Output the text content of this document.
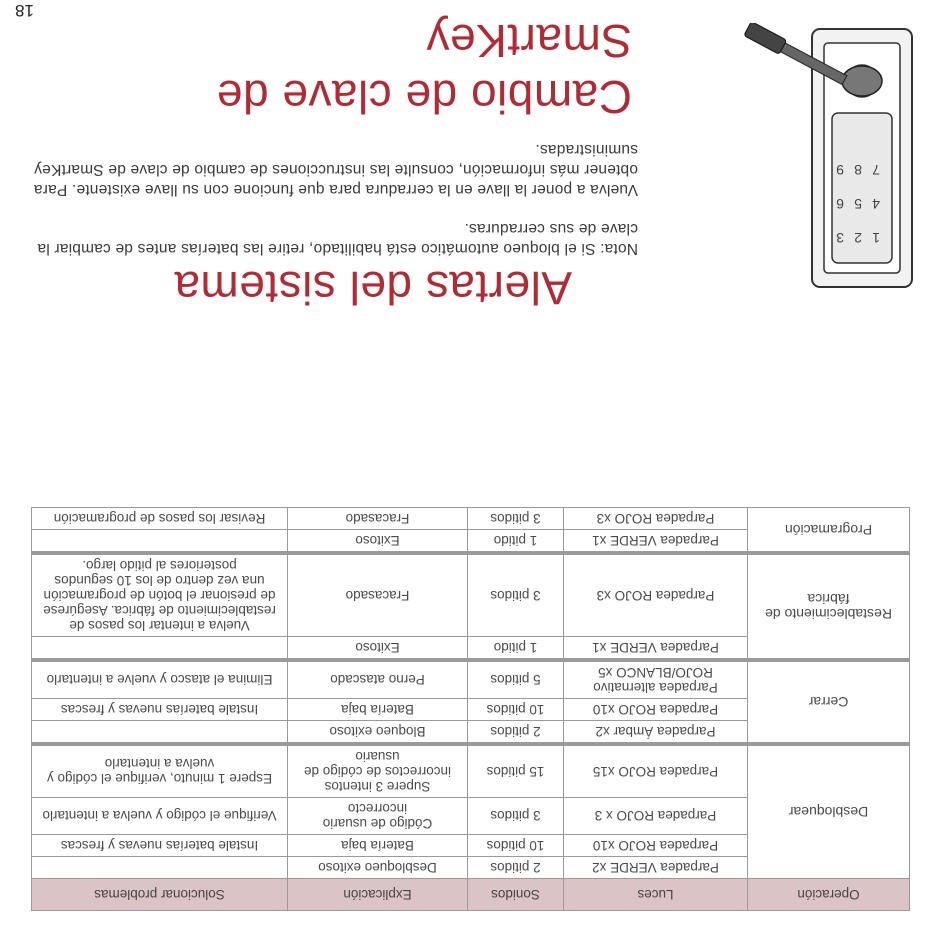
18
Cambio de clave de SmartKey

Vuelva a poner la llave en la cerradura para que funcione con su llave existente. Para obtener más información, consulte las instrucciones de cambio de clave de SmartKey suministradas.

Nota: Si el bloqueo automático está habilitado, retire las baterías antes de cambiar la clave de sus cerraduras.

Alertas del sistema
1
2
3
4
5
6
7
8
9
Operación	Luces	Sonidos	Explicación	Solucionar problemas
Desbloquear	Parpadea VERDE x2	2 pitidos	Desbloqueo exitoso	
	Parpadea ROJO x10	10 pitidos	Batería baja	Instale baterías nuevas y frescas
	Parpadea ROJO x 3	3 pitidos	Código de usuario incorrecto	Verifique el código y vuelva a intentarlo
	Parpadea ROJO x15	15 pitidos	Supere 3 intentos incorrectos de código de usuario	Espere 1 minuto, verifique el código y vuelva a intentarlo
Cerrar	Parpadea Ámbar x2	2 pitidos	Bloqueo exitoso	
	Parpadea ROJO x10	10 pitidos	Batería baja	Instale baterías nuevas y frescas
	Parpadea alternativo ROJO/BLANCO x5	5 pitidos	Perno atascado	Elimina el atasco y vuelve a intentarlo
Restablecimiento de fábrica	Parpadea VERDE x1	1 pitido	Exitoso	
	Parpadea ROJO x3	3 pitidos	Fracasado	Vuelva a intentar los pasos de restablecimiento de fábrica. Asegúrese de presionar el botón de programación una vez dentro de los 10 segundos posteriores al pitido largo.
Programación	Parpadea VERDE x1	1 pitido	Exitoso	
	Parpadea ROJO x3	3 pitidos	Fracasado	Revisar los pasos de programación
